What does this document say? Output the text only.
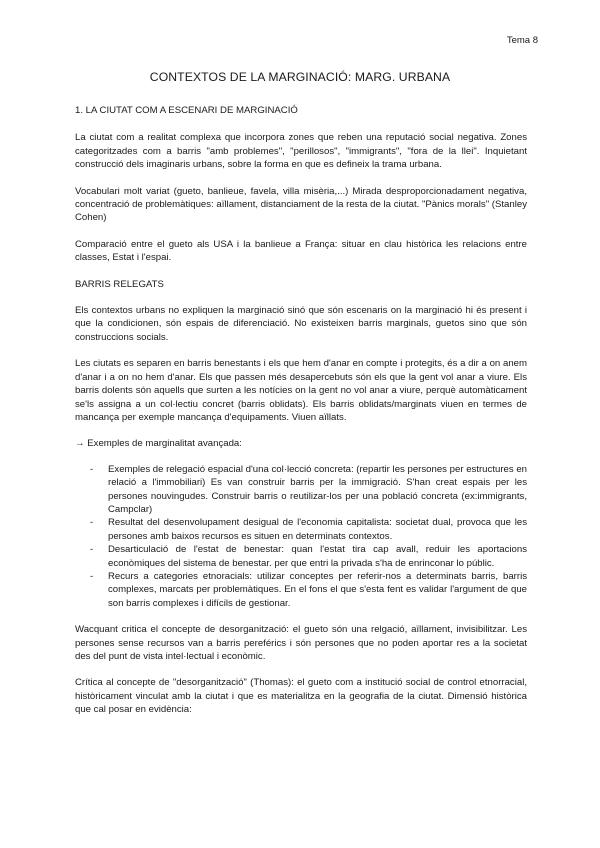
Tema 8
CONTEXTOS DE LA MARGINACIÓ: MARG. URBANA
1. LA CIUTAT COM A ESCENARI DE MARGINACIÓ

La ciutat com a realitat complexa que incorpora zones que reben una reputació social negativa. Zones categoritzades com a barris "amb problemes", "perillosos", "immigrants", "fora de la llei". Inquietant construcció dels imaginaris urbans, sobre la forma en que es defineix la trama urbana.

Vocabulari molt variat (gueto, banlieue, favela, villa misèria,...) Mirada desproporcionadament negativa, concentració de problemàtiques: aïllament, distanciament de la resta de la ciutat. "Pànics morals" (Stanley Cohen)

Comparació entre el gueto als USA i la banlieue a França: situar en clau històrica les relacions entre classes, Estat i l'espai.

BARRIS RELEGATS

Els contextos urbans no expliquen la marginació sinó que són escenaris on la marginació hi és present i que la condicionen, són espais de diferenciació. No existeixen barris marginals, guetos sino que són construccions socials.

Les ciutats es separen en barris benestants i els que hem d'anar en compte i protegits, és a dir a on anem d'anar i a on no hem d'anar. Els que passen més desapercebuts són els que la gent vol anar a viure. Els barris dolents són aquells que surten a les notícies on la gent no vol anar a viure, perquè automàticament se'ls assigna a un col·lectiu concret (barris oblidats). Els barris oblidats/marginats viuen en termes de mancança per exemple mancança d'equipaments. Viuen aïllats.

→ Exemples de marginalitat avançada:
- Exemples de relegació espacial d'una col·lecció concreta: (repartir les persones per estructures en relació a l'immobiliari) Es van construir barris per la immigració. S'han creat espais per les persones nouvingudes. Construir barris o reutilizar-los per una població concreta (ex:immigrants, Campclar)
- Resultat del desenvolupament desigual de l'economia capitalista: societat dual, provoca que les persones amb baixos recursos es situen en determinats contextos.
- Desarticulació de l'estat de benestar: quan l'estat tira cap avall, reduir les aportacions econòmiques del sistema de benestar. per que entri la privada s'ha de enrinconar lo públic.
- Recurs a categories etnoracials: utilizar conceptes per referir-nos a determinats barris, barris complexes, marcats per problemàtiques. En el fons el que s'esta fent es validar l'argument de que son barris complexes i difícils de gestionar.

Wacquant critica el concepte de desorganització: el gueto són una relgació, aïllament, invisibilitzar. Les persones sense recursos van a barris pereférics i són persones que no poden aportar res a la societat des del punt de vista intel·lectual i econòmic.

Crítica al concepte de "desorganització" (Thomas): el gueto com a institució social de control etnorracial, històricament vinculat amb la ciutat i que es materialitza en la geografia de la ciutat. Dimensió històrica que cal posar en evidència:
